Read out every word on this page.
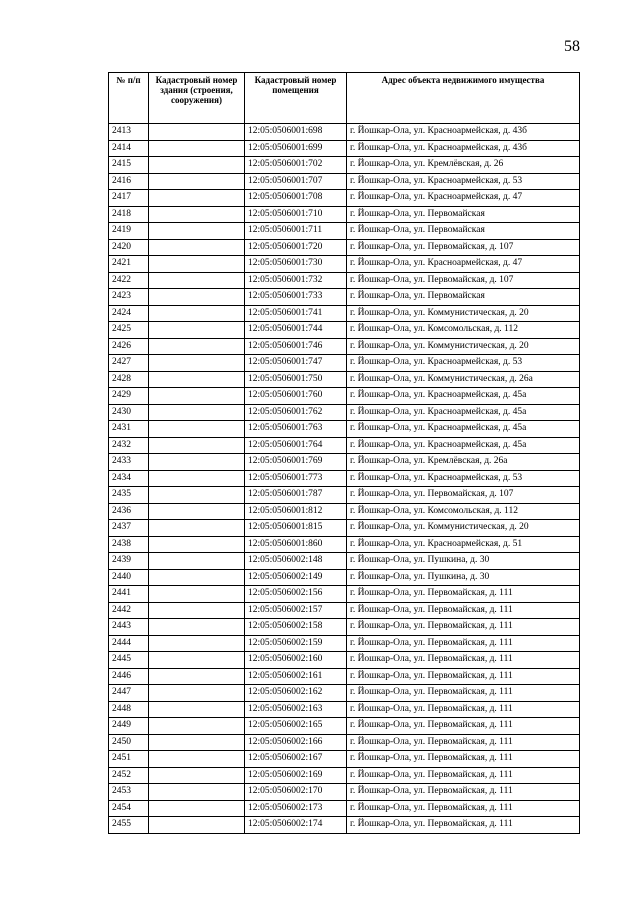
58
№ п/п	Кадастровый номер здания (строения, сооружения)	Кадастровый номер помещения	Адрес объекта недвижимого имущества
2413		12:05:0506001:698	г. Йошкар-Ола, ул. Красноармейская, д. 43б
2414		12:05:0506001:699	г. Йошкар-Ола, ул. Красноармейская, д. 43б
2415		12:05:0506001:702	г. Йошкар-Ола, ул. Кремлёвская, д. 26
2416		12:05:0506001:707	г. Йошкар-Ола, ул. Красноармейская, д. 53
2417		12:05:0506001:708	г. Йошкар-Ола, ул. Красноармейская, д. 47
2418		12:05:0506001:710	г. Йошкар-Ола, ул. Первомайская
2419		12:05:0506001:711	г. Йошкар-Ола, ул. Первомайская
2420		12:05:0506001:720	г. Йошкар-Ола, ул. Первомайская, д. 107
2421		12:05:0506001:730	г. Йошкар-Ола, ул. Красноармейская, д. 47
2422		12:05:0506001:732	г. Йошкар-Ола, ул. Первомайская, д. 107
2423		12:05:0506001:733	г. Йошкар-Ола, ул. Первомайская
2424		12:05:0506001:741	г. Йошкар-Ола, ул. Коммунистическая, д. 20
2425		12:05:0506001:744	г. Йошкар-Ола, ул. Комсомольская, д. 112
2426		12:05:0506001:746	г. Йошкар-Ола, ул. Коммунистическая, д. 20
2427		12:05:0506001:747	г. Йошкар-Ола, ул. Красноармейская, д. 53
2428		12:05:0506001:750	г. Йошкар-Ола, ул. Коммунистическая, д. 26а
2429		12:05:0506001:760	г. Йошкар-Ола, ул. Красноармейская, д. 45а
2430		12:05:0506001:762	г. Йошкар-Ола, ул. Красноармейская, д. 45а
2431		12:05:0506001:763	г. Йошкар-Ола, ул. Красноармейская, д. 45а
2432		12:05:0506001:764	г. Йошкар-Ола, ул. Красноармейская, д. 45а
2433		12:05:0506001:769	г. Йошкар-Ола, ул. Кремлёвская, д. 26а
2434		12:05:0506001:773	г. Йошкар-Ола, ул. Красноармейская, д. 53
2435		12:05:0506001:787	г. Йошкар-Ола, ул. Первомайская, д. 107
2436		12:05:0506001:812	г. Йошкар-Ола, ул. Комсомольская, д. 112
2437		12:05:0506001:815	г. Йошкар-Ола, ул. Коммунистическая, д. 20
2438		12:05:0506001:860	г. Йошкар-Ола, ул. Красноармейская, д. 51
2439		12:05:0506002:148	г. Йошкар-Ола, ул. Пушкина, д. 30
2440		12:05:0506002:149	г. Йошкар-Ола, ул. Пушкина, д. 30
2441		12:05:0506002:156	г. Йошкар-Ола, ул. Первомайская, д. 111
2442		12:05:0506002:157	г. Йошкар-Ола, ул. Первомайская, д. 111
2443		12:05:0506002:158	г. Йошкар-Ола, ул. Первомайская, д. 111
2444		12:05:0506002:159	г. Йошкар-Ола, ул. Первомайская, д. 111
2445		12:05:0506002:160	г. Йошкар-Ола, ул. Первомайская, д. 111
2446		12:05:0506002:161	г. Йошкар-Ола, ул. Первомайская, д. 111
2447		12:05:0506002:162	г. Йошкар-Ола, ул. Первомайская, д. 111
2448		12:05:0506002:163	г. Йошкар-Ола, ул. Первомайская, д. 111
2449		12:05:0506002:165	г. Йошкар-Ола, ул. Первомайская, д. 111
2450		12:05:0506002:166	г. Йошкар-Ола, ул. Первомайская, д. 111
2451		12:05:0506002:167	г. Йошкар-Ола, ул. Первомайская, д. 111
2452		12:05:0506002:169	г. Йошкар-Ола, ул. Первомайская, д. 111
2453		12:05:0506002:170	г. Йошкар-Ола, ул. Первомайская, д. 111
2454		12:05:0506002:173	г. Йошкар-Ола, ул. Первомайская, д. 111
2455		12:05:0506002:174	г. Йошкар-Ола, ул. Первомайская, д. 111
